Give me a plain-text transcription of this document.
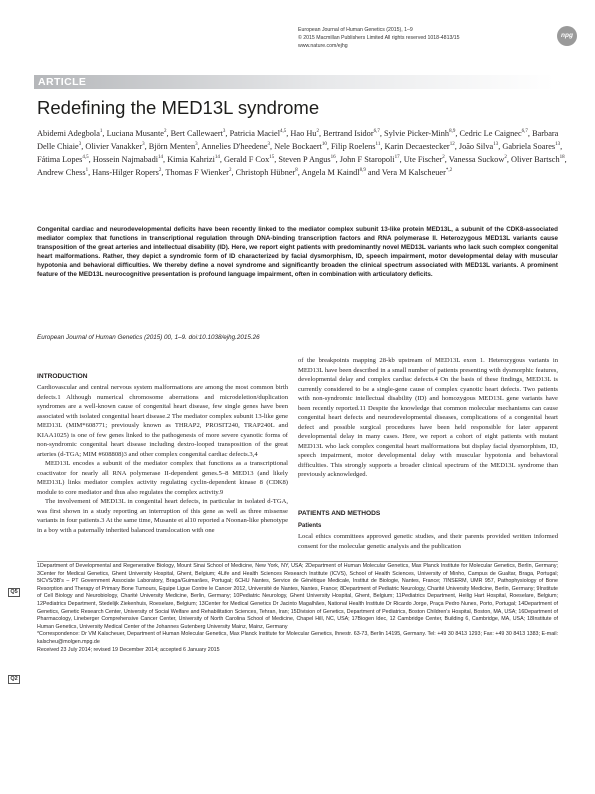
European Journal of Human Genetics (2015), 1–9
© 2015 Macmillan Publishers Limited All rights reserved 1018-4813/15
www.nature.com/ejhg
npg
ARTICLE
Redefining the MED13L syndrome
Abidemi Adegbola$^1$, Luciana Musante$^2$, Bert Callewaert$^3$, Patricia Maciel$^{4,5}$, Hao Hu$^2$, Bertrand Isidor$^{6,7}$, Sylvie Picker-Minh$^{8,9}$, Cedric Le Caignec$^{6,7}$, Barbara Delle Chiaie$^3$, Olivier Vanakker$^3$, Björn Menten$^3$, Annelies D'heedene$^3$, Nele Bockaert$^{10}$, Filip Roelens$^{11}$, Karin Decaestecker$^{12}$, João Silva$^{13}$, Gabriela Soares$^{13}$, Fátima Lopes$^{4,5}$, Hossein Najmabadi$^{14}$, Kimia Kahrizi$^{14}$, Gerald F Cox$^{15}$, Steven P Angus$^{16}$, John F Staropoli$^{17}$, Ute Fischer$^2$, Vanessa Suckow$^2$, Oliver Bartsch$^{18}$, Andrew Chess$^1$, Hans-Hilger Ropers$^2$, Thomas F Wienker$^2$, Christoph Hübner$^8$, Angela M Kaindl$^{8,9}$ and Vera M Kalscheuer$^{*,2}$
Congenital cardiac and neurodevelopmental deficits have been recently linked to the mediator complex subunit 13-like protein MED13L, a subunit of the CDK8-associated mediator complex that functions in transcriptional regulation through DNA-binding transcription factors and RNA polymerase II. Heterozygous MED13L variants cause transposition of the great arteries and intellectual disability (ID). Here, we report eight patients with predominantly novel MED13L variants who lack such complex congenital heart malformations. Rather, they depict a syndromic form of ID characterized by facial dysmorphism, ID, speech impairment, motor developmental delay with muscular hypotonia and behavioral difficulties. We thereby define a novel syndrome and significantly broaden the clinical spectrum associated with MED13L variants. A prominent feature of the MED13L neurocognitive presentation is profound language impairment, often in combination with articulatory deficits.
European Journal of Human Genetics (2015) 00, 1–9. doi:10.1038/ejhg.2015.26
INTRODUCTION

Cardiovascular and central nervous system malformations are among the most common birth defects.1 Although numerical chromosome aberrations and microdeletion/duplication syndromes are a well-known cause of congenital heart disease, few single genes have been associated with isolated congenital heart disease.2 The mediator complex subunit 13-like gene MED13L (MIM*608771; previously known as THRAP2, PROSIT240, TRAP240L and KIAA1025) is one of few genes linked to the pathogenesis of more severe cyanotic forms of non-syndromic congenital heart disease including dextro-looped transposition of the great arteries (d-TGA; MIM #608808)3 and other complex congenital cardiac defects.3,4

MED13L encodes a subunit of the mediator complex that functions as a transcriptional coactivator for nearly all RNA polymerase II-dependent genes.5–8 MED13 (and likely MED13L) links mediator complex activity regulating cyclin-dependent kinase 8 (CDK8) module to core mediator and thus also regulates the complex activity.9

The involvement of MED13L in congenital heart defects, in particular in isolated d-TGA, was first shown in a study reporting an interruption of this gene as well as three missense variants in four patients.3 At the same time, Musante et al10 reported a Noonan-like phenotype in a boy with a paternally inherited balanced translocation with one

of the breakpoints mapping 28-kb upstream of MED13L exon 1. Heterozygous variants in MED13L have been described in a small number of patients presenting with dysmorphic features, developmental delay and complex cardiac defects.4 On the basis of these findings, MED13L is currently considered to be a single-gene cause of complex cyanotic heart defects. Two patients with non-syndromic intellectual disability (ID) and homozygous MED13L gene variants have been recently reported.11 Despite the knowledge that common molecular mechanisms can cause congenital heart defects and neurodevelopmental diseases, complications of a congenital heart defect and possible surgical procedures have been held responsible for later apparent developmental delay in many cases. Here, we report a cohort of eight patients with mutant MED13L who lack complex congenital heart malformations but display facial dysmorphism, ID, speech impairment, motor developmental delay with muscular hypotonia and behavioral difficulties. This strongly supports a broader clinical spectrum of the MED13L syndrome than previously acknowledged.

PATIENTS AND METHODS
Patients
Local ethics committees approved genetic studies, and their parents provided written informed consent for the molecular genetic analysis and the publication

1Department of Developmental and Regenerative Biology, Mount Sinai School of Medicine, New York, NY, USA; 2Department of Human Molecular Genetics, Max Planck Institute for Molecular Genetics, Berlin, Germany; 3Center for Medical Genetics, Ghent University Hospital, Ghent, Belgium; 4Life and Health Sciences Research Institute (ICVS), School of Health Sciences, University of Minho, Campus de Gualtar, Braga, Portugal; 5ICVS/3B's – PT Government Associate Laboratory, Braga/Guimarães, Portugal; 6CHU Nantes, Service de Génétique Medicale, Institut de Biologie, Nantes, France; 7INSERM, UMR 957, Pathophysiology of Bone Resorption and Therapy of Primary Bone Tumours, Equipe Ligue Contre le Cancer 2012, Université de Nantes, Nantes, France; 8Department of Pediatric Neurology, Charité University Medicine, Berlin, Germany; 9Institute of Cell Biology and Neurobiology, Charité University Medicine, Berlin, Germany; 10Pediatric Neurology, Ghent University Hospital, Ghent, Belgium; 11Pediatrics Department, Heilig Hart Hospital, Roeselare, Belgium; 12Pediatrics Department, Stedelijk Ziekenhuis, Roeselare, Belgium; 13Center for Medical Genetics Dr Jacinto Magalhães, National Health Institute Dr Ricardo Jorge, Praça Pedro Nunes, Porto, Portugal; 14Department of Genetics, Genetic Research Center, University of Social Welfare and Rehabilitation Sciences, Tehran, Iran; 15Division of Genetics, Department of Pediatrics, Boston Children's Hospital, Boston, MA, USA; 16Department of Pharmacology, Lineberger Comprehensive Cancer Center, University of North Carolina School of Medicine, Chapel Hill, NC, USA; 17Biogen Idec, 12 Cambridge Center, Building 6, Cambridge, MA, USA; 18Institute of Human Genetics, University Medical Center of the Johannes Gutenberg University Mainz, Mainz, Germany

*Correspondence: Dr VM Kalscheuer, Department of Human Molecular Genetics, Max Planck Institute for Molecular Genetics, Ihnestr. 63-73, Berlin 14195, Germany. Tel: +49 30 8413 1293; Fax: +49 30 8413 1383; E-mail: kalscheu@molgen.mpg.de

Received 23 July 2014; revised 19 December 2014; accepted 6 January 2015

Q5
Q2
